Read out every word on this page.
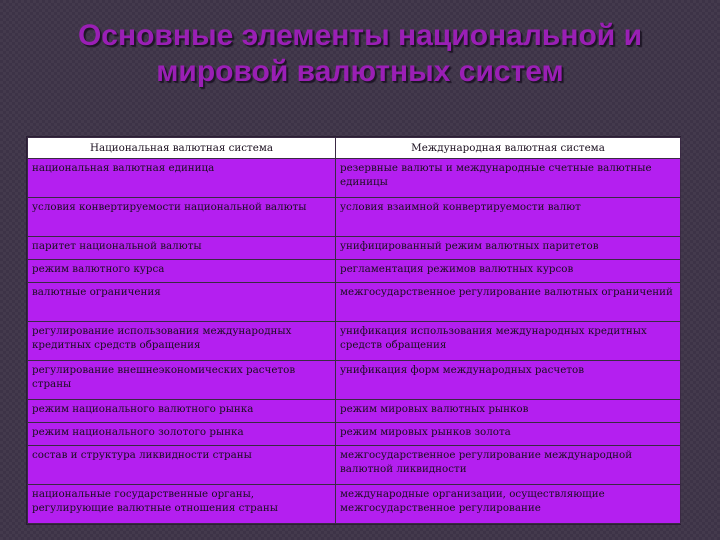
Основные элементы национальной и
мировой валютных систем
Национальная валютная система	Международная валютная система
национальная валютная единица	резервные валюты и международные счетные валютные единицы
условия конвертируемости национальной валюты	условия взаимной конвертируемости валют
паритет национальной валюты	унифицированный режим валютных паритетов
режим валютного курса	регламентация режимов валютных курсов
валютные ограничения	межгосударственное регулирование валютных ограничений
регулирование использования международных кредитных средств обращения	унификация использования международных кредитных средств обращения
регулирование внешнеэкономических расчетов страны	унификация форм международных расчетов
режим национального валютного рынка	режим мировых валютных рынков
режим национального золотого рынка	режим мировых рынков золота
состав и структура ликвидности страны	межгосударственное регулирование международной валютной ликвидности
национальные государственные органы, регулирующие валютные отношения страны	международные организации, осуществляющие межгосударственное регулирование
